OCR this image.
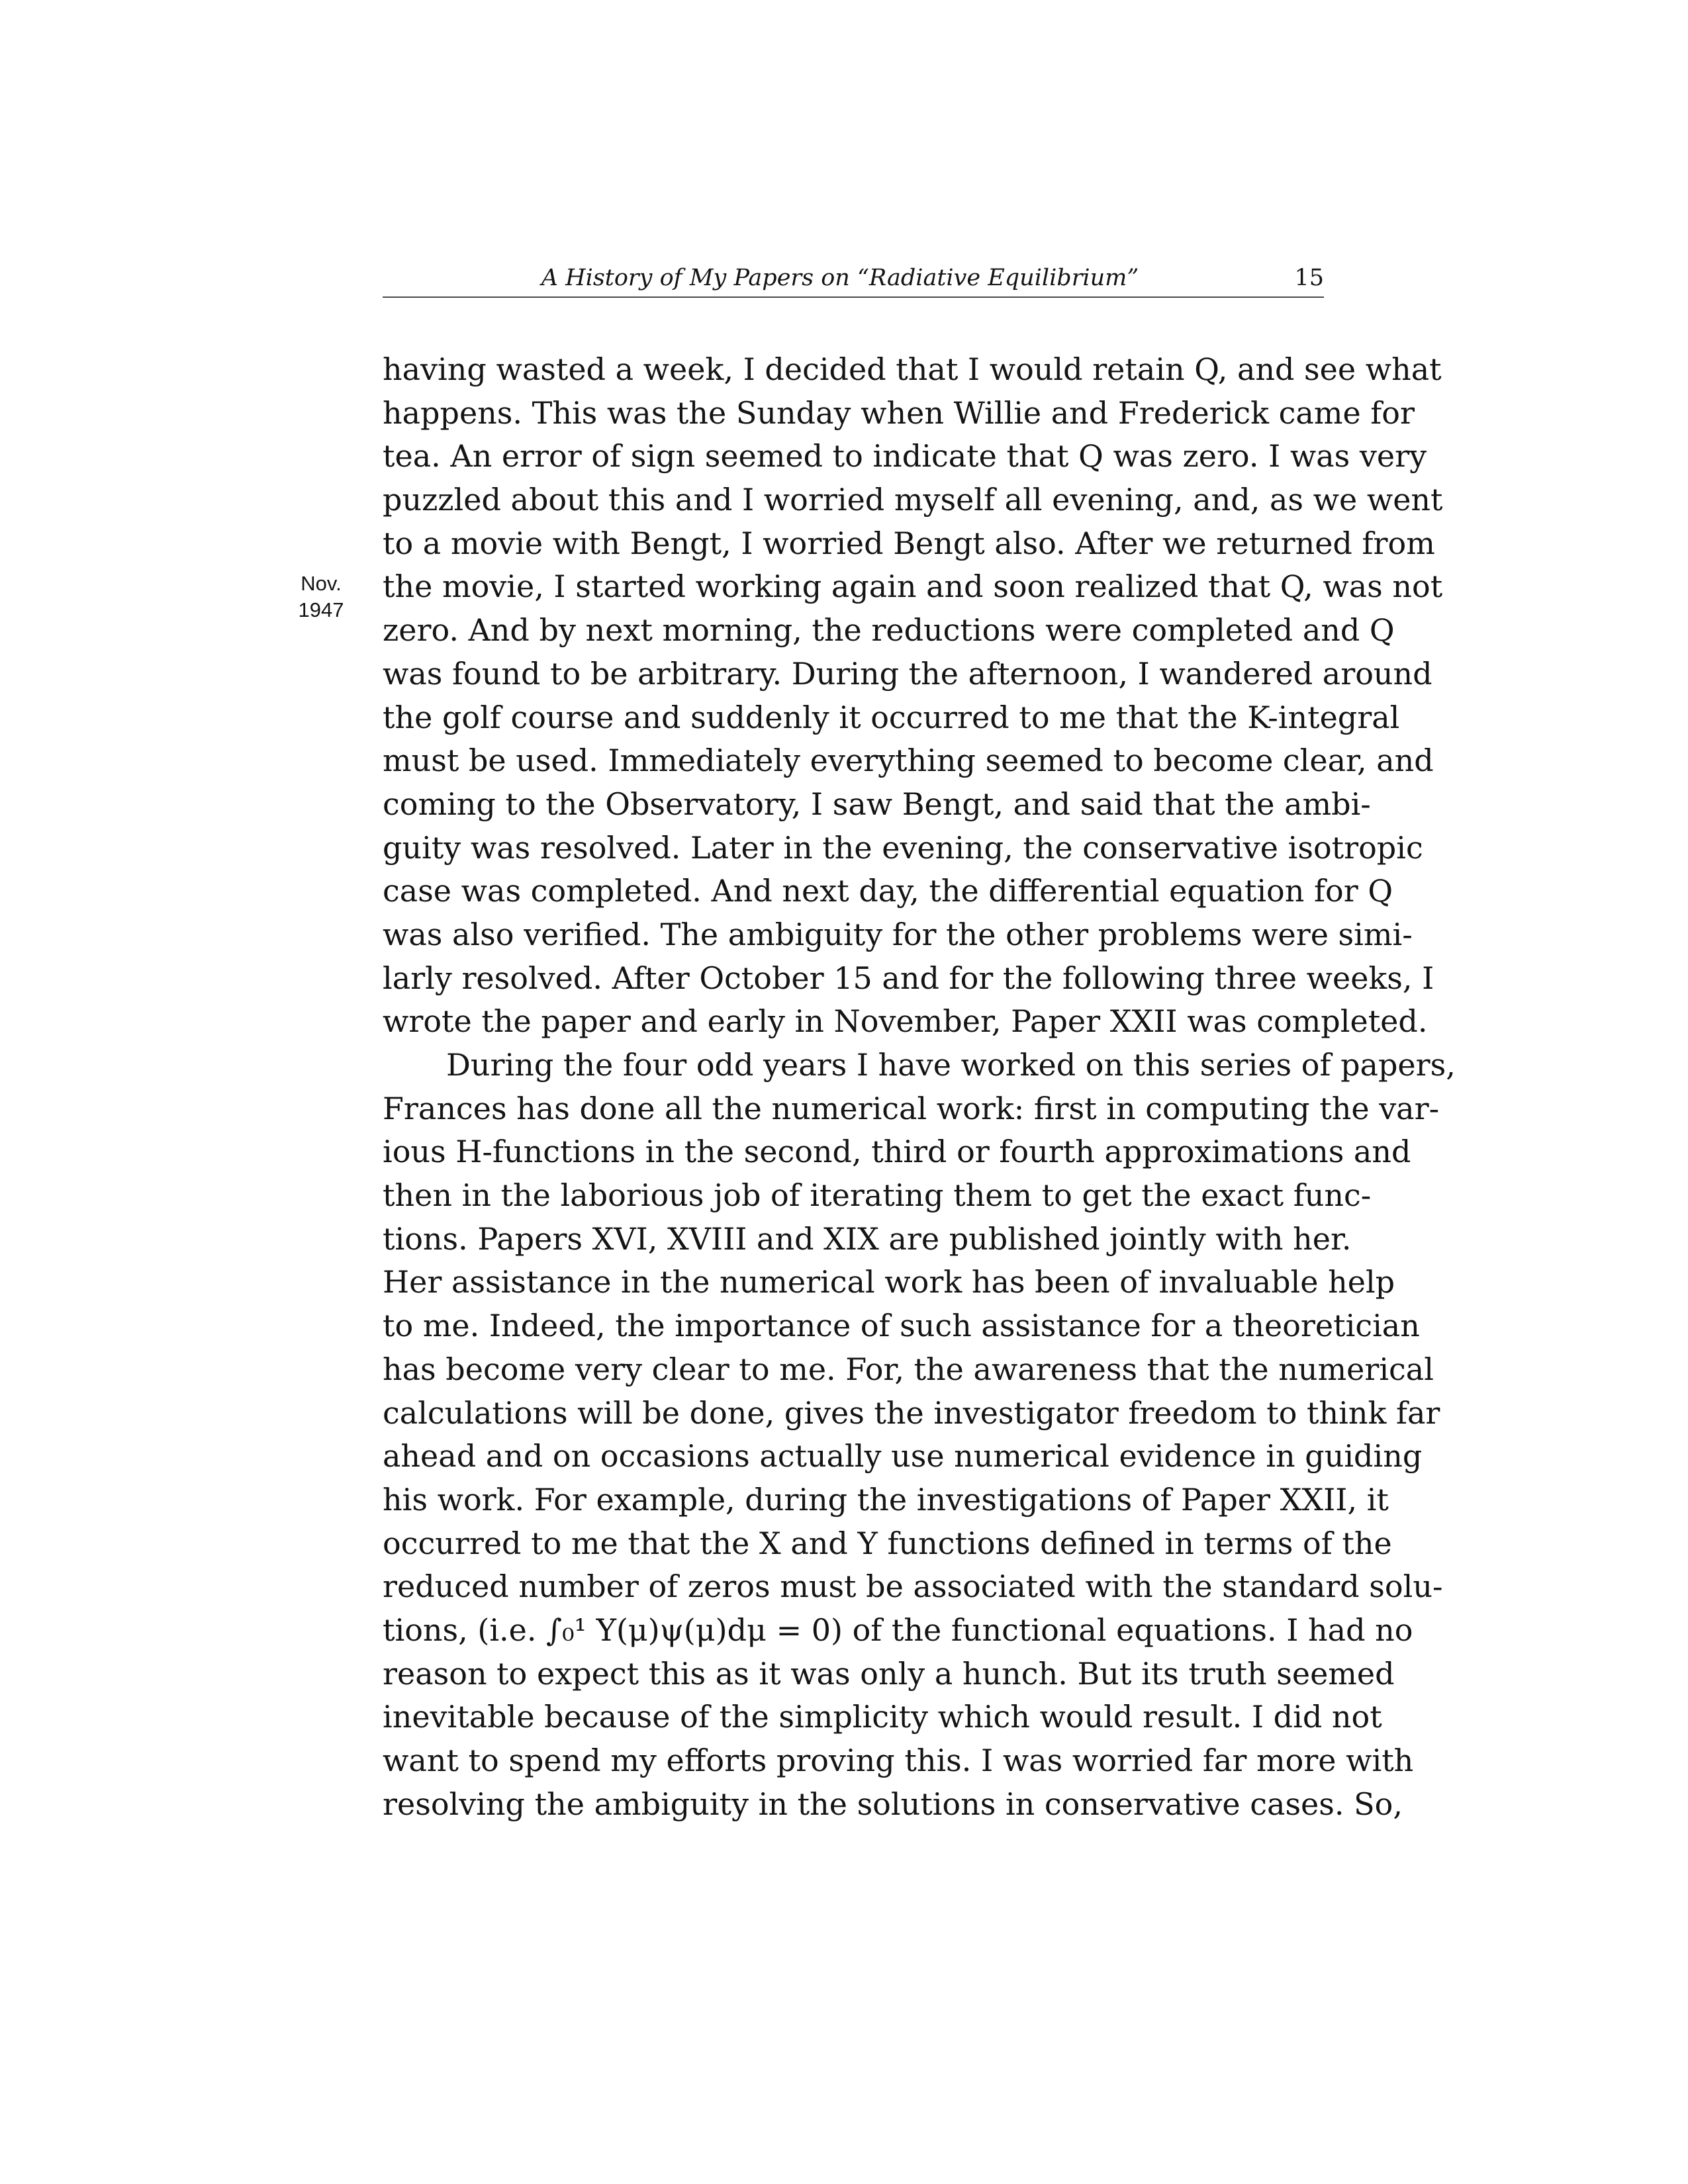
A History of My Papers on “Radiative Equilibrium”	15
Nov.
1947
having wasted a week, I decided that I would retain Q, and see what
happens. This was the Sunday when Willie and Frederick came for
tea. An error of sign seemed to indicate that Q was zero. I was very
puzzled about this and I worried myself all evening, and, as we went
to a movie with Bengt, I worried Bengt also. After we returned from
the movie, I started working again and soon realized that Q, was not
zero. And by next morning, the reductions were completed and Q
was found to be arbitrary. During the afternoon, I wandered around
the golf course and suddenly it occurred to me that the K-integral
must be used. Immediately everything seemed to become clear, and
coming to the Observatory, I saw Bengt, and said that the ambi-
guity was resolved. Later in the evening, the conservative isotropic
case was completed. And next day, the differential equation for Q
was also verified. The ambiguity for the other problems were simi-
larly resolved. After October 15 and for the following three weeks, I
wrote the paper and early in November, Paper XXII was completed.
During the four odd years I have worked on this series of papers,
Frances has done all the numerical work: first in computing the var-
ious H-functions in the second, third or fourth approximations and
then in the laborious job of iterating them to get the exact func-
tions. Papers XVI, XVIII and XIX are published jointly with her.
Her assistance in the numerical work has been of invaluable help
to me. Indeed, the importance of such assistance for a theoretician
has become very clear to me. For, the awareness that the numerical
calculations will be done, gives the investigator freedom to think far
ahead and on occasions actually use numerical evidence in guiding
his work. For example, during the investigations of Paper XXII, it
occurred to me that the X and Y functions defined in terms of the
reduced number of zeros must be associated with the standard solu-
tions, (i.e. ∫₀¹ Y(μ)ψ(μ)dμ = 0) of the functional equations. I had no
reason to expect this as it was only a hunch. But its truth seemed
inevitable because of the simplicity which would result. I did not
want to spend my efforts proving this. I was worried far more with
resolving the ambiguity in the solutions in conservative cases. So,
